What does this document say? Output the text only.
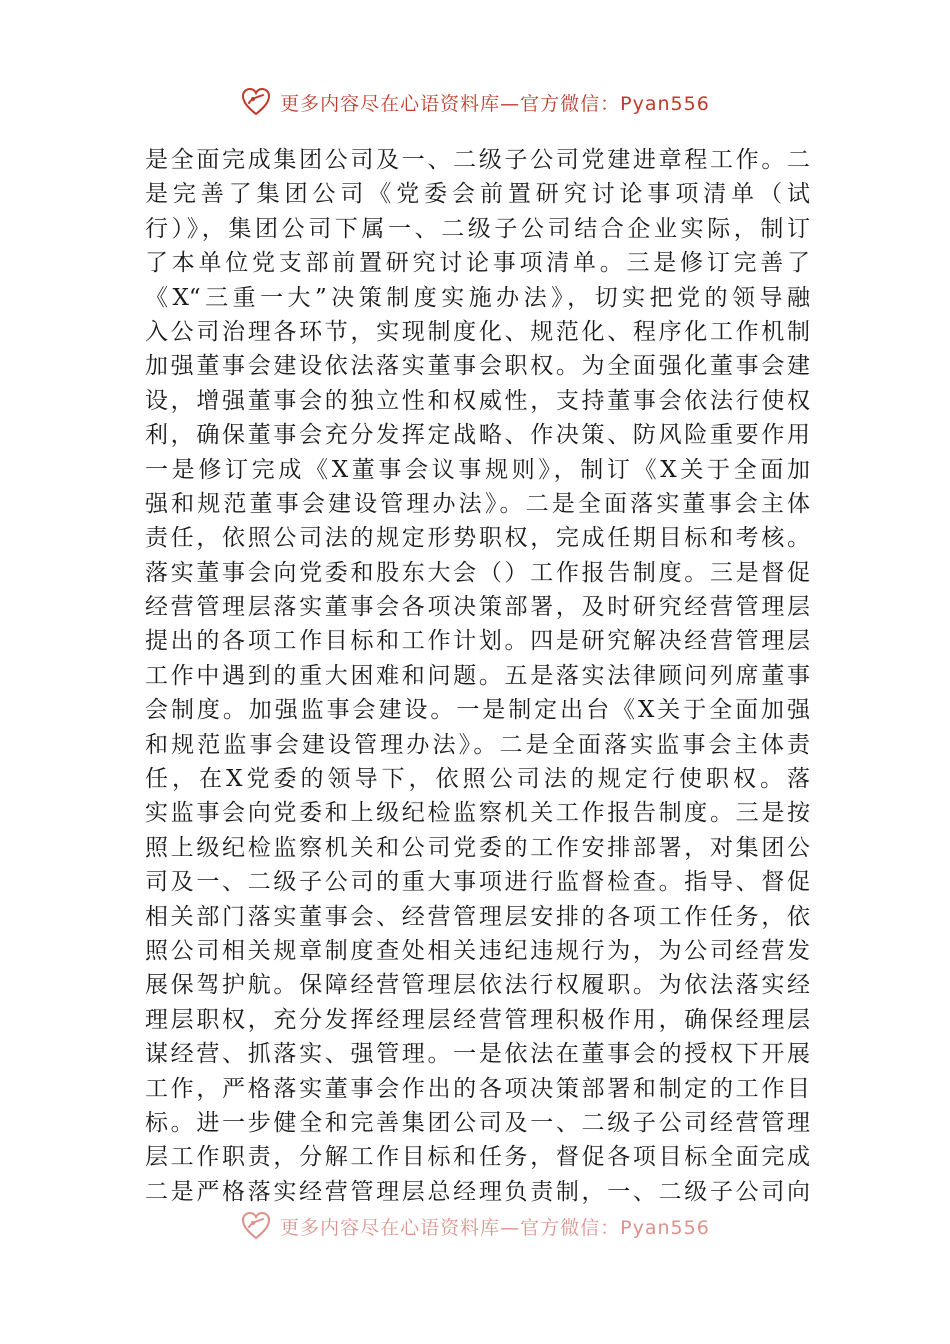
更多内容尽在心语资料库—官方微信：Pyan556
是全面完成集团公司及一、二级子公司党建进章程工作。二
是完善了集团公司《党委会前置研究讨论事项清单（试
行）》，集团公司下属一、二级子公司结合企业实际，制订
了本单位党支部前置研究讨论事项清单。三是修订完善了
《X“三重一大”决策制度实施办法》，切实把党的领导融
入公司治理各环节，实现制度化、规范化、程序化工作机制
加强董事会建设依法落实董事会职权。为全面强化董事会建
设，增强董事会的独立性和权威性，支持董事会依法行使权
利，确保董事会充分发挥定战略、作决策、防风险重要作用
一是修订完成《X董事会议事规则》，制订《X关于全面加
强和规范董事会建设管理办法》。二是全面落实董事会主体
责任，依照公司法的规定形势职权，完成任期目标和考核。
落实董事会向党委和股东大会（）工作报告制度。三是督促
经营管理层落实董事会各项决策部署，及时研究经营管理层
提出的各项工作目标和工作计划。四是研究解决经营管理层
工作中遇到的重大困难和问题。五是落实法律顾问列席董事
会制度。加强监事会建设。一是制定出台《X关于全面加强
和规范监事会建设管理办法》。二是全面落实监事会主体责
任，在X党委的领导下，依照公司法的规定行使职权。落
实监事会向党委和上级纪检监察机关工作报告制度。三是按
照上级纪检监察机关和公司党委的工作安排部署，对集团公
司及一、二级子公司的重大事项进行监督检查。指导、督促
相关部门落实董事会、经营管理层安排的各项工作任务，依
照公司相关规章制度查处相关违纪违规行为，为公司经营发
展保驾护航。保障经营管理层依法行权履职。为依法落实经
理层职权，充分发挥经理层经营管理积极作用，确保经理层
谋经营、抓落实、强管理。一是依法在董事会的授权下开展
工作，严格落实董事会作出的各项决策部署和制定的工作目
标。进一步健全和完善集团公司及一、二级子公司经营管理
层工作职责，分解工作目标和任务，督促各项目标全面完成
二是严格落实经营管理层总经理负责制，一、二级子公司向
更多内容尽在心语资料库—官方微信：Pyan556
